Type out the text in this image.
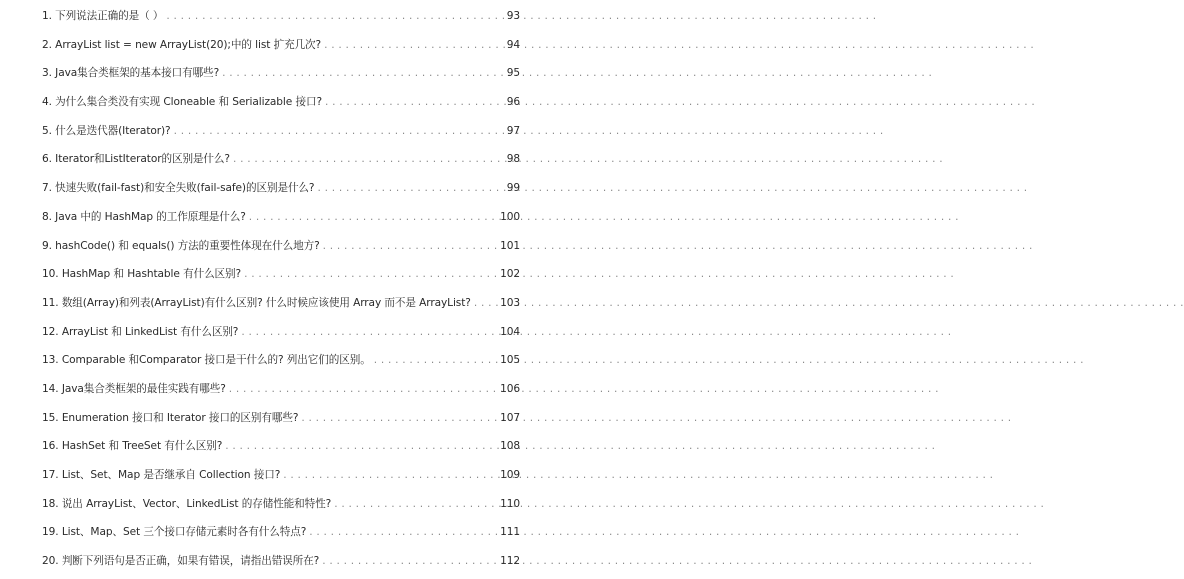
1. 下列说法正确的是（ ） . . .	93
2. ArrayList list = new ArrayList(20);中的 list 扩充几次? . . .	94
3. Java集合类框架的基本接口有哪些? . . .	95
4. 为什么集合类没有实现 Cloneable 和 Serializable 接口? . . .	96
5. 什么是迭代器(Iterator)? . . .	97
6. Iterator和ListIterator的区别是什么? . . .	98
7. 快速失败(fail-fast)和安全失败(fail-safe)的区别是什么? . . .	99
8. Java 中的 HashMap 的工作原理是什么? . . .	100
9. hashCode() 和 equals() 方法的重要性体现在什么地方? . . .	101
10. HashMap 和 Hashtable 有什么区别? . . .	102
11. 数组(Array)和列表(ArrayList)有什么区别? 什么时候应该使用 Array 而不是 ArrayList? . . .	103
12. ArrayList 和 LinkedList 有什么区别? . . .	104
13. Comparable 和Comparator 接口是干什么的? 列出它们的区别。 . . .	105
14. Java集合类框架的最佳实践有哪些? . . .	106
15. Enumeration 接口和 Iterator 接口的区别有哪些? . . .	107
16. HashSet 和 TreeSet 有什么区别? . . .	108
17. List、Set、Map 是否继承自 Collection 接口? . . .	109
18. 说出 ArrayList、Vector、LinkedList 的存储性能和特性? . . .	110
19. List、Map、Set 三个接口存储元素时各有什么特点? . . .	111
20. 判断下列语句是否正确，如果有错误，请指出错误所在? . . .	112
